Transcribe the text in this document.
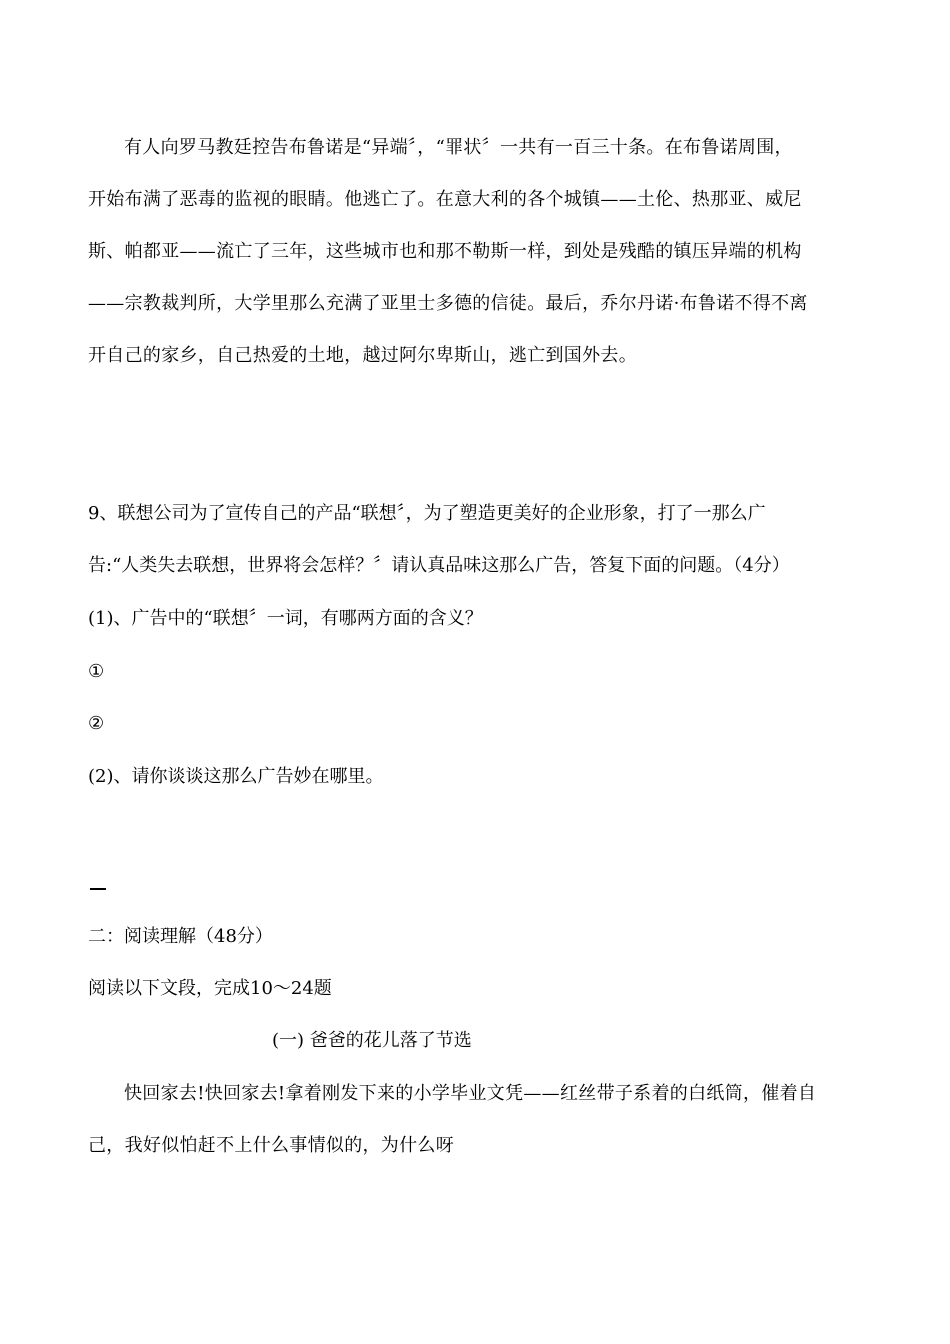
有人向罗马教廷控告布鲁诺是“异端〞，“罪状〞一共有一百三十条。在布鲁诺周围，
开始布满了恶毒的监视的眼睛。他逃亡了。在意大利的各个城镇——土伦、热那亚、威尼
斯、帕都亚——流亡了三年，这些城市也和那不勒斯一样，到处是残酷的镇压异端的机构
——宗教裁判所，大学里那么充满了亚里士多德的信徒。最后，乔尔丹诺·布鲁诺不得不离
开自己的家乡，自己热爱的土地，越过阿尔卑斯山，逃亡到国外去。
9、联想公司为了宣传自己的产品“联想〞，为了塑造更美好的企业形象，打了一那么广
告:“人类失去联想，世界将会怎样？〞请认真品味这那么广告，答复下面的问题。（4分）
(1)、广告中的“联想〞一词，有哪两方面的含义？
①
②
(2)、请你谈谈这那么广告妙在哪里。
二：阅读理解（48分）
阅读以下文段，完成10～24题
(一) 爸爸的花儿落了节选
快回家去!快回家去!拿着刚发下来的小学毕业文凭——红丝带子系着的白纸筒，催着自
己，我好似怕赶不上什么事情似的，为什么呀
